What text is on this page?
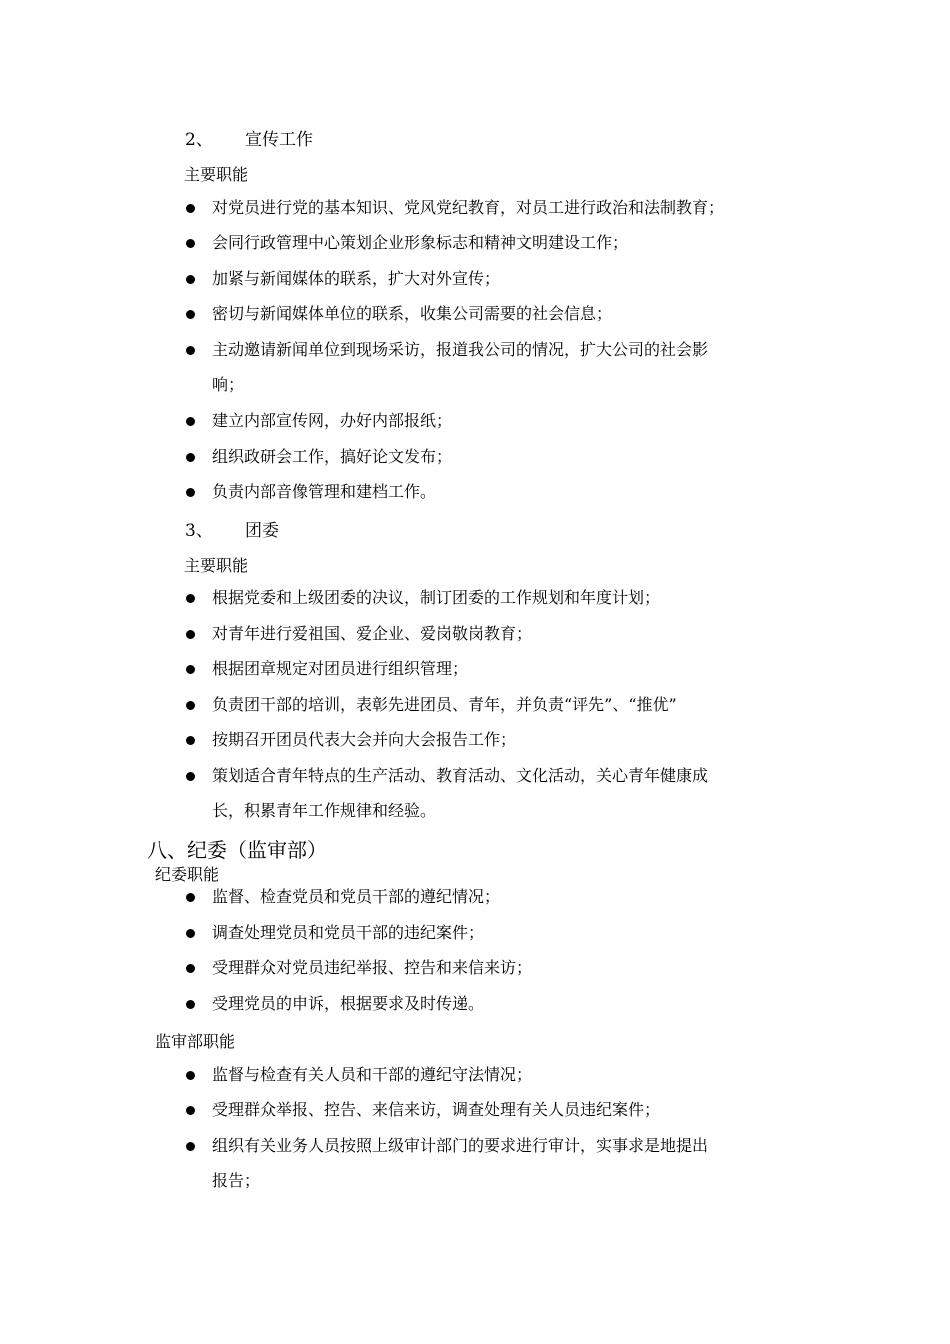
2、 宣传工作
主要职能
对党员进行党的基本知识、党风党纪教育，对员工进行政治和法制教育；
会同行政管理中心策划企业形象标志和精神文明建设工作；
加紧与新闻媒体的联系，扩大对外宣传；
密切与新闻媒体单位的联系，收集公司需要的社会信息；
主动邀请新闻单位到现场采访，报道我公司的情况，扩大公司的社会影
响；
建立内部宣传网，办好内部报纸；
组织政研会工作，搞好论文发布；
负责内部音像管理和建档工作。
3、 团委
主要职能
根据党委和上级团委的决议，制订团委的工作规划和年度计划；
对青年进行爱祖国、爱企业、爱岗敬岗教育；
根据团章规定对团员进行组织管理；
负责团干部的培训，表彰先进团员、青年，并负责“评先”、“推优”
按期召开团员代表大会并向大会报告工作；
策划适合青年特点的生产活动、教育活动、文化活动，关心青年健康成
长，积累青年工作规律和经验。
八、纪委（监审部）
纪委职能
监督、检查党员和党员干部的遵纪情况；
调查处理党员和党员干部的违纪案件；
受理群众对党员违纪举报、控告和来信来访；
受理党员的申诉，根据要求及时传递。
监审部职能
监督与检查有关人员和干部的遵纪守法情况；
受理群众举报、控告、来信来访，调查处理有关人员违纪案件；
组织有关业务人员按照上级审计部门的要求进行审计，实事求是地提出
报告；
